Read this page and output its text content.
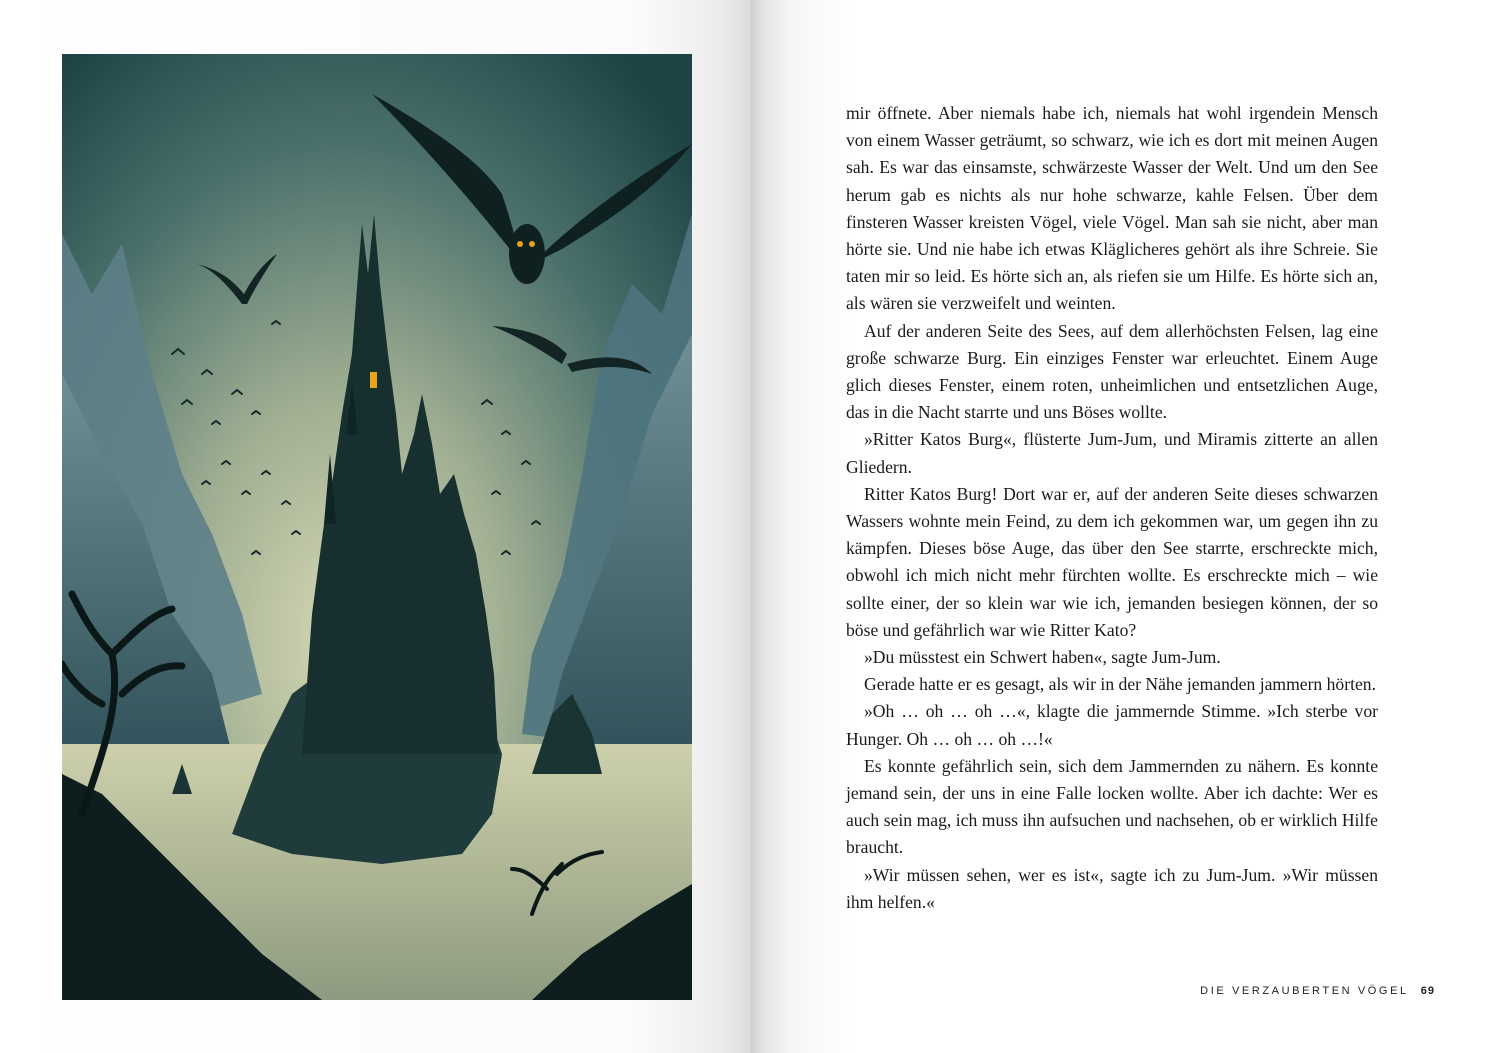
mir öffnete. Aber niemals habe ich, niemals hat wohl irgendein Mensch von einem Wasser geträumt, so schwarz, wie ich es dort mit meinen Augen sah. Es war das einsamste, schwärzeste Wasser der Welt. Und um den See herum gab es nichts als nur hohe schwarze, kahle Felsen. Über dem finsteren Wasser kreisten Vögel, viele Vögel. Man sah sie nicht, aber man hörte sie. Und nie habe ich etwas Kläglicheres gehört als ihre Schreie. Sie taten mir so leid. Es hörte sich an, als riefen sie um Hilfe. Es hörte sich an, als wären sie verzweifelt und weinten.

Auf der anderen Seite des Sees, auf dem allerhöchsten Felsen, lag eine große schwarze Burg. Ein einziges Fenster war erleuchtet. Einem Auge glich dieses Fenster, einem roten, unheimlichen und entsetzlichen Auge, das in die Nacht starrte und uns Böses wollte.

»Ritter Katos Burg«, flüsterte Jum-Jum, und Miramis zitterte an allen Gliedern.

Ritter Katos Burg! Dort war er, auf der anderen Seite dieses schwarzen Wassers wohnte mein Feind, zu dem ich gekommen war, um gegen ihn zu kämpfen. Dieses böse Auge, das über den See starrte, erschreckte mich, obwohl ich mich nicht mehr fürchten wollte. Es erschreckte mich – wie sollte einer, der so klein war wie ich, jemanden besiegen können, der so böse und gefährlich war wie Ritter Kato?

»Du müsstest ein Schwert haben«, sagte Jum-Jum.

Gerade hatte er es gesagt, als wir in der Nähe jemanden jammern hörten.

»Oh … oh … oh …«, klagte die jammernde Stimme. »Ich sterbe vor Hunger. Oh … oh … oh …!«

Es konnte gefährlich sein, sich dem Jammernden zu nähern. Es konnte jemand sein, der uns in eine Falle locken wollte. Aber ich dachte: Wer es auch sein mag, ich muss ihn aufsuchen und nachsehen, ob er wirklich Hilfe braucht.

»Wir müssen sehen, wer es ist«, sagte ich zu Jum-Jum. »Wir müssen ihm helfen.«

DIE VERZAUBERTEN VÖGEL 69
